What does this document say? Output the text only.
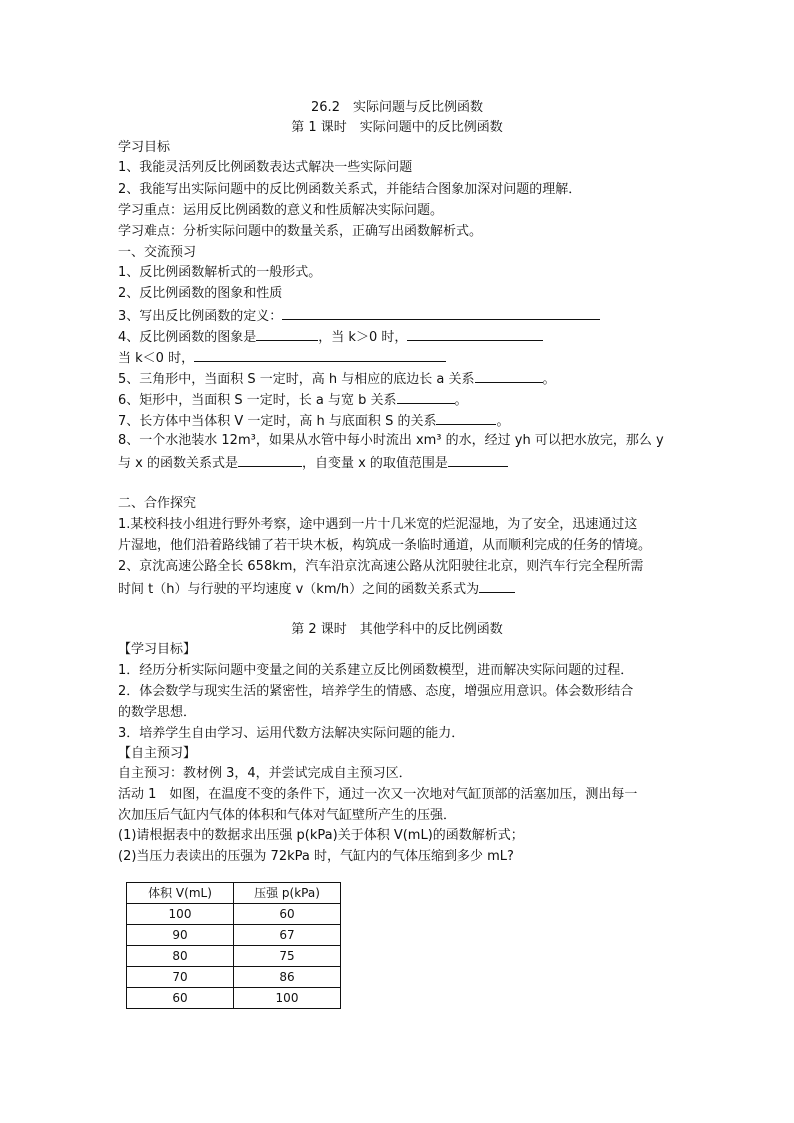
26.2　实际问题与反比例函数
第 1 课时　实际问题中的反比例函数
学习目标
1、我能灵活列反比例函数表达式解决一些实际问题
2、我能写出实际问题中的反比例函数关系式，并能结合图象加深对问题的理解．
学习重点：运用反比例函数的意义和性质解决实际问题。
学习难点：分析实际问题中的数量关系，正确写出函数解析式。
一、交流预习
1、反比例函数解析式的一般形式。
2、反比例函数的图象和性质
3、写出反比例函数的定义：
4、反比例函数的图象是	，当 k＞0 时，
当 k＜0 时，
5、三角形中，当面积 S 一定时，高 h 与相应的底边长 a 关系	。
6、矩形中，当面积 S 一定时，长 a 与宽 b 关系	。
7、长方体中当体积 V 一定时，高 h 与底面积 S 的关系	。
8、一个水池装水 12m³，如果从水管中每小时流出 xm³ 的水，经过 yh 可以把水放完，那么 y
与 x 的函数关系式是	，自变量 x 的取值范围是
二、合作探究
1.某校科技小组进行野外考察，途中遇到一片十几米宽的烂泥湿地，为了安全，迅速通过这
片湿地，他们沿着路线铺了若干块木板，构筑成一条临时通道，从而顺利完成的任务的情境。
2、京沈高速公路全长 658km，汽车沿京沈高速公路从沈阳驶往北京，则汽车行完全程所需
时间 t（h）与行驶的平均速度 v（km/h）之间的函数关系式为
第 2 课时　其他学科中的反比例函数
【学习目标】
1．经历分析实际问题中变量之间的关系建立反比例函数模型，进而解决实际问题的过程．
2．体会数学与现实生活的紧密性，培养学生的情感、态度，增强应用意识。体会数形结合
的数学思想．
3．培养学生自由学习、运用代数方法解决实际问题的能力．
【自主预习】
自主预习：教材例 3，4，并尝试完成自主预习区．
活动 1　如图，在温度不变的条件下，通过一次又一次地对气缸顶部的活塞加压，测出每一
次加压后气缸内气体的体积和气体对气缸壁所产生的压强．
(1)请根据表中的数据求出压强 p(kPa)关于体积 V(mL)的函数解析式；
(2)当压力表读出的压强为 72kPa 时，气缸内的气体压缩到多少 mL?
体积 V(mL)	压强 p(kPa)
100	60
90	67
80	75
70	86
60	100
